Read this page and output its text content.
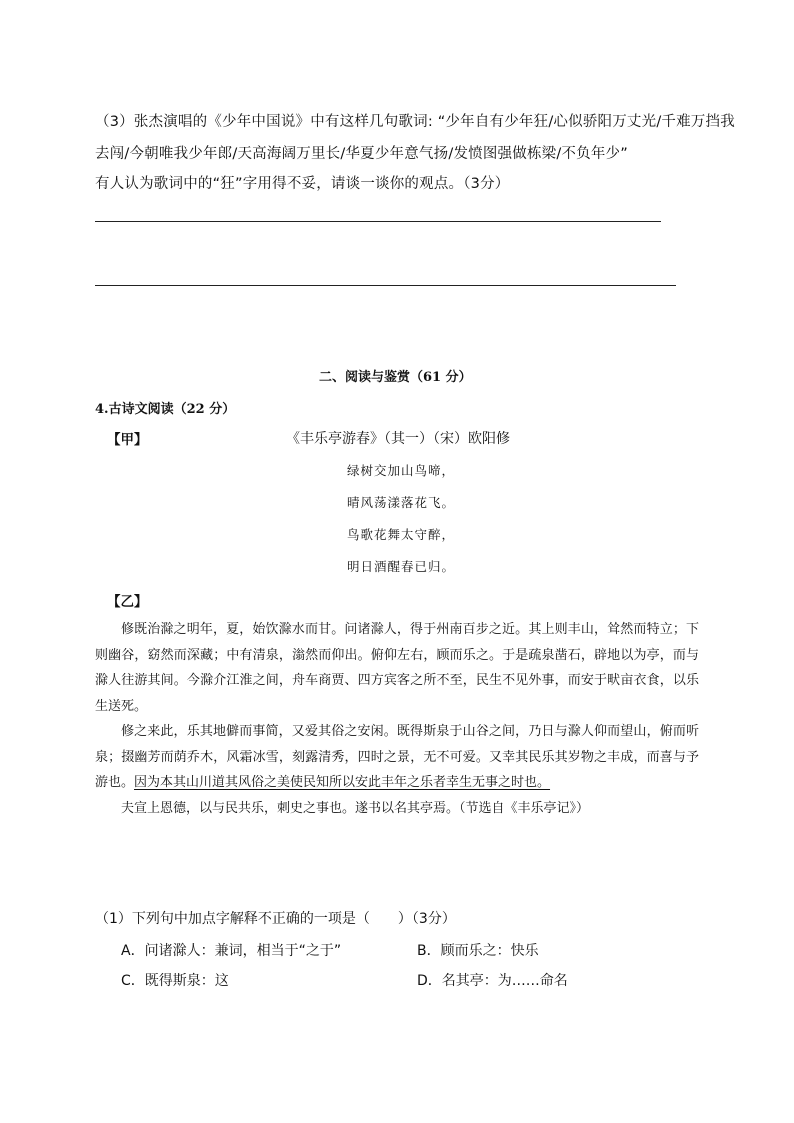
（3）张杰演唱的《少年中国说》中有这样几句歌词: “少年自有少年狂/心似骄阳万丈光/千难万挡我
去闯/今朝唯我少年郎/天高海阔万里长/华夏少年意气扬/发愤图强做栋梁/不负年少”
有人认为歌词中的“狂”字用得不妥，请谈一谈你的观点。（3分）
二、阅读与鉴赏（61 分）
4.古诗文阅读（22 分）
【甲】	《丰乐亭游春》（其一）（宋）欧阳修
绿树交加山鸟啼，
晴风荡漾落花飞。
鸟歌花舞太守醉，
明日酒醒春已归。
【乙】

修既治滁之明年，夏，始饮滁水而甘。问诸滁人，得于州南百步之近。其上则丰山，耸然而特立；下则幽谷，窈然而深藏；中有清泉，滃然而仰出。俯仰左右，顾而乐之。于是疏泉凿石，辟地以为亭，而与滁人往游其间。今滁介江淮之间，舟车商贾、四方宾客之所不至，民生不见外事，而安于畎亩衣食，以乐生送死。

修之来此，乐其地僻而事简，又爱其俗之安闲。既得斯泉于山谷之间，乃日与滁人仰而望山，俯而听泉；掇幽芳而荫乔木，风霜冰雪，刻露清秀，四时之景，无不可爱。又幸其民乐其岁物之丰成，而喜与予游也。因为本其山川道其风俗之美使民知所以安此丰年之乐者幸生无事之时也。

夫宣上恩德，以与民共乐，刺史之事也。遂书以名其亭焉。（节选自《丰乐亭记》）

（1）下列句中加点字解释不正确的一项是（　　）（3分）
A．问诸滁人：兼词，相当于“之于”	B．顾而乐之：快乐
C．既得斯泉：这	D．名其亭：为……命名
